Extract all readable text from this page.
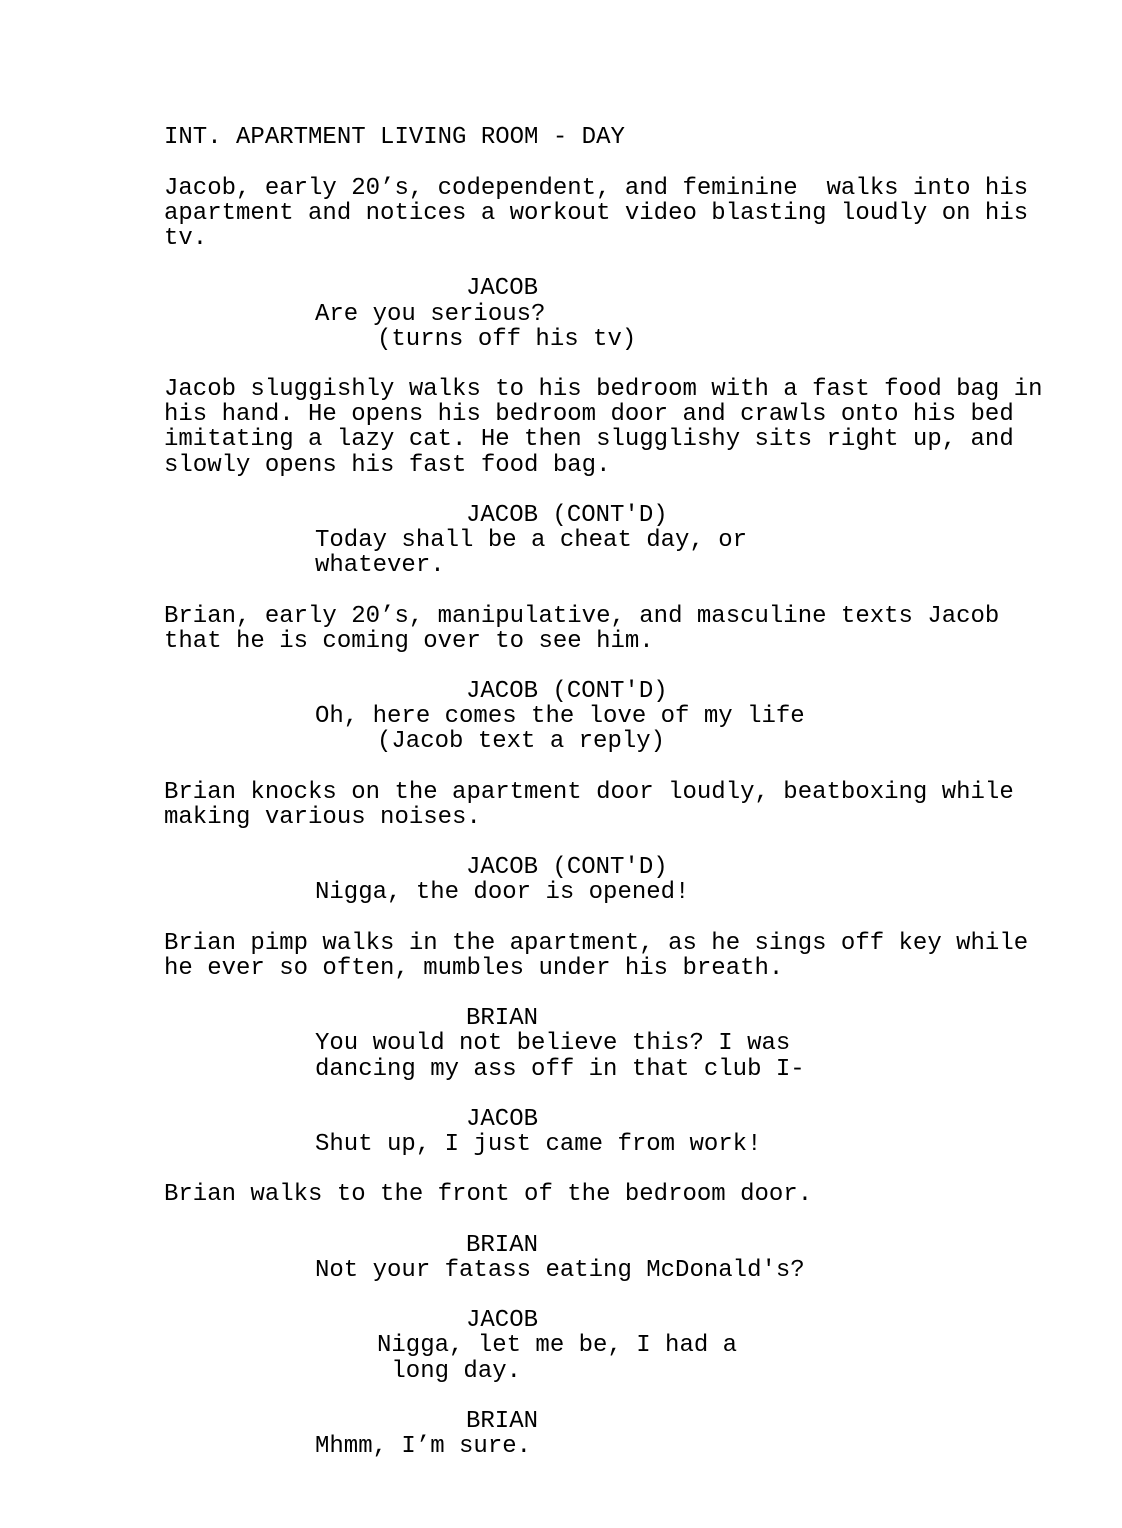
INT. APARTMENT LIVING ROOM - DAY
Jacob, early 20’s, codependent, and feminine  walks into his
apartment and notices a workout video blasting loudly on his
tv.
JACOB
Are you serious?
(turns off his tv)
Jacob sluggishly walks to his bedroom with a fast food bag in
his hand. He opens his bedroom door and crawls onto his bed
imitating a lazy cat. He then slugglishy sits right up, and
slowly opens his fast food bag.
JACOB (CONT'D)
Today shall be a cheat day, or
whatever.
Brian, early 20’s, manipulative, and masculine texts Jacob
that he is coming over to see him.
JACOB (CONT'D)
Oh, here comes the love of my life
(Jacob text a reply)
Brian knocks on the apartment door loudly, beatboxing while
making various noises.
JACOB (CONT'D)
Nigga, the door is opened!
Brian pimp walks in the apartment, as he sings off key while
he ever so often, mumbles under his breath.
BRIAN
You would not believe this? I was
dancing my ass off in that club I-
JACOB
Shut up, I just came from work!
Brian walks to the front of the bedroom door.
BRIAN
Not your fatass eating McDonald's?
JACOB
Nigga, let me be, I had a
long day.
BRIAN
Mhmm, I’m sure.
